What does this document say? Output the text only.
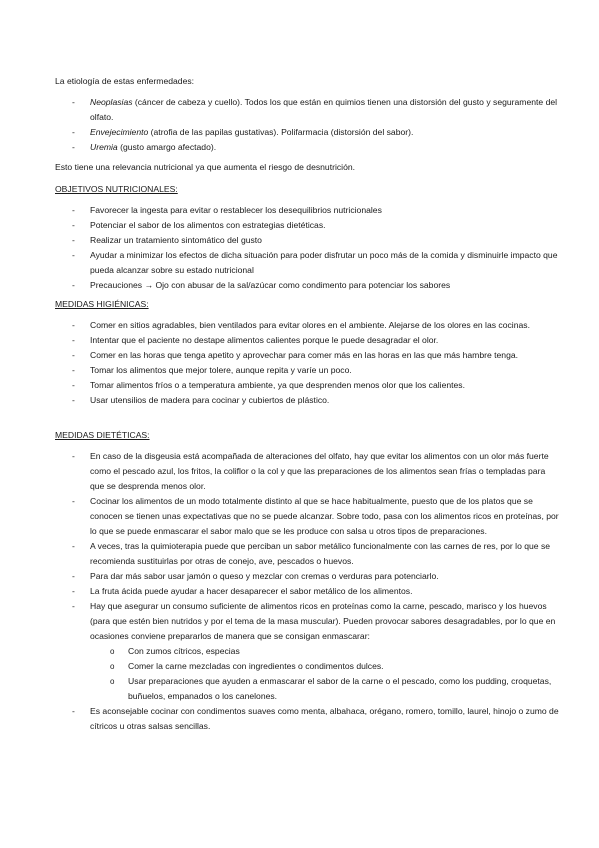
La etiología de estas enfermedades:

- Neoplasias (cáncer de cabeza y cuello). Todos los que están en quimios tienen una distorsión del gusto y seguramente del olfato.
- Envejecimiento (atrofia de las papilas gustativas). Polifarmacia (distorsión del sabor).
- Uremia (gusto amargo afectado).

Esto tiene una relevancia nutricional ya que aumenta el riesgo de desnutrición.

OBJETIVOS NUTRICIONALES:
- Favorecer la ingesta para evitar o restablecer los desequilibrios nutricionales
- Potenciar el sabor de los alimentos con estrategias dietéticas.
- Realizar un tratamiento sintomático del gusto
- Ayudar a minimizar los efectos de dicha situación para poder disfrutar un poco más de la comida y disminuirle impacto que pueda alcanzar sobre su estado nutricional
- Precauciones → Ojo con abusar de la sal/azúcar como condimento para potenciar los sabores
MEDIDAS HIGIÉNICAS:
- Comer en sitios agradables, bien ventilados para evitar olores en el ambiente. Alejarse de los olores en las cocinas.
- Intentar que el paciente no destape alimentos calientes porque le puede desagradar el olor.
- Comer en las horas que tenga apetito y aprovechar para comer más en las horas en las que más hambre tenga.
- Tomar los alimentos que mejor tolere, aunque repita y varíe un poco.
- Tomar alimentos fríos o a temperatura ambiente, ya que desprenden menos olor que los calientes.
- Usar utensilios de madera para cocinar y cubiertos de plástico.
MEDIDAS DIETÉTICAS:
- En caso de la disgeusia está acompañada de alteraciones del olfato, hay que evitar los alimentos con un olor más fuerte como el pescado azul, los fritos, la coliflor o la col y que las preparaciones de los alimentos sean frías o templadas para que se desprenda menos olor.
- Cocinar los alimentos de un modo totalmente distinto al que se hace habitualmente, puesto que de los platos que se conocen se tienen unas expectativas que no se puede alcanzar. Sobre todo, pasa con los alimentos ricos en proteínas, por lo que se puede enmascarar el sabor malo que se les produce con salsa u otros tipos de preparaciones.
- A veces, tras la quimioterapia puede que perciban un sabor metálico funcionalmente con las carnes de res, por lo que se recomienda sustituirlas por otras de conejo, ave, pescados o huevos.
- Para dar más sabor usar jamón o queso y mezclar con cremas o verduras para potenciarlo.
- La fruta ácida puede ayudar a hacer desaparecer el sabor metálico de los alimentos.
- Hay que asegurar un consumo suficiente de alimentos ricos en proteínas como la carne, pescado, marisco y los huevos (para que estén bien nutridos y por el tema de la masa muscular). Pueden provocar sabores desagradables, por lo que en ocasiones conviene prepararlos de manera que se consigan enmascarar:
o Con zumos cítricos, especias
o Comer la carne mezcladas con ingredientes o condimentos dulces.
o Usar preparaciones que ayuden a enmascarar el sabor de la carne o el pescado, como los pudding, croquetas, buñuelos, empanados o los canelones.
- Es aconsejable cocinar con condimentos suaves como menta, albahaca, orégano, romero, tomillo, laurel, hinojo o zumo de cítricos u otras salsas sencillas.
